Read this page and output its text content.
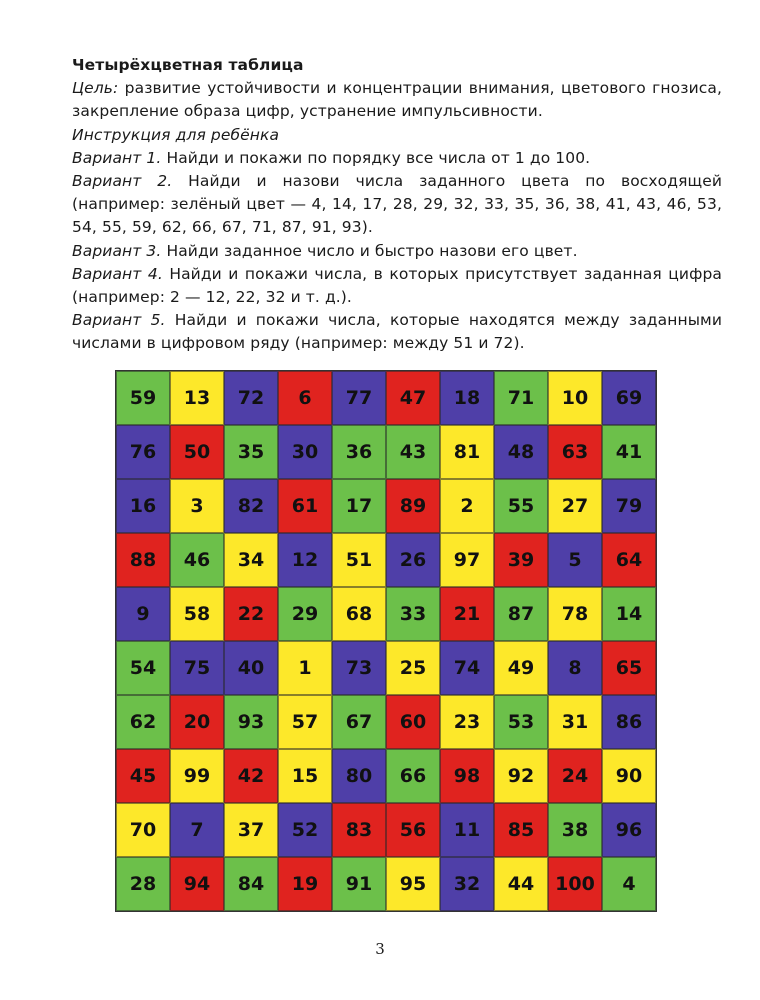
Четырёхцветная таблица

Цель: развитие устойчивости и концентрации внимания, цветового гнозиса, закрепление образа цифр, устранение импульсивности.

Инструкция для ребёнка

Вариант 1. Найди и покажи по порядку все числа от 1 до 100.

Вариант 2. Найди и назови числа заданного цвета по восходящей (например: зелёный цвет — 4, 14, 17, 28, 29, 32, 33, 35, 36, 38, 41, 43, 46, 53, 54, 55, 59, 62, 66, 67, 71, 87, 91, 93).

Вариант 3. Найди заданное число и быстро назови его цвет.

Вариант 4. Найди и покажи числа, в которых присутствует заданная цифра (например: 2 — 12, 22, 32 и т. д.).

Вариант 5. Найди и покажи числа, которые находятся между заданными числами в цифровом ряду (например: между 51 и 72).

59	13	72	6	77	47	18	71	10	69
76	50	35	30	36	43	81	48	63	41
16	3	82	61	17	89	2	55	27	79
88	46	34	12	51	26	97	39	5	64
9	58	22	29	68	33	21	87	78	14
54	75	40	1	73	25	74	49	8	65
62	20	93	57	67	60	23	53	31	86
45	99	42	15	80	66	98	92	24	90
70	7	37	52	83	56	11	85	38	96
28	94	84	19	91	95	32	44	100	4
3
